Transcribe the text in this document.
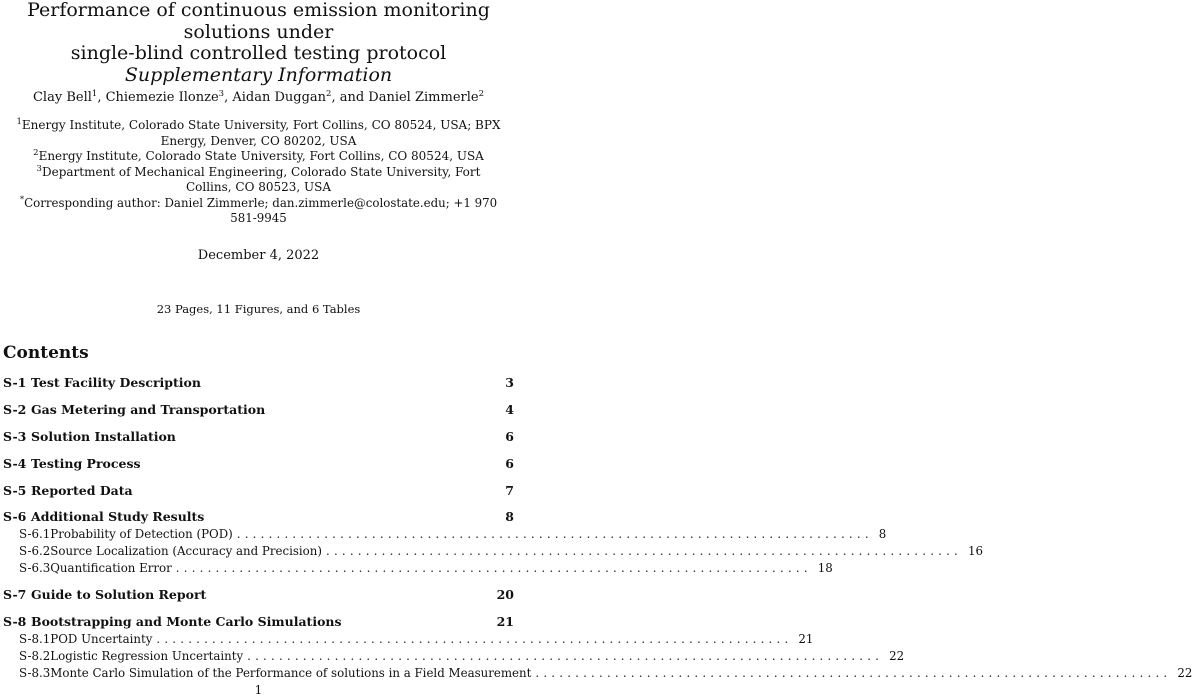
Performance of continuous emission monitoring solutions under
single-blind controlled testing protocol
Supplementary Information
Clay Bell$^1$, Chiemezie Ilonze$^3$, Aidan Duggan$^2$, and Daniel Zimmerle$^2$
$^1$Energy Institute, Colorado State University, Fort Collins, CO 80524, USA; BPX Energy, Denver, CO 80202, USA
$^2$Energy Institute, Colorado State University, Fort Collins, CO 80524, USA
$^3$Department of Mechanical Engineering, Colorado State University, Fort Collins, CO 80523, USA
*Corresponding author: Daniel Zimmerle; dan.zimmerle@colostate.edu; +1 970 581-9945
December 4, 2022
23 Pages, 11 Figures, and 6 Tables
Contents
S-1 Test Facility Description	3
S-2 Gas Metering and Transportation	4
S-3 Solution Installation	6
S-4 Testing Process	6
S-5 Reported Data	7
S-6 Additional Study Results	8
S-6.1 Probability of Detection (POD) ................................................................................ 8
S-6.2 Source Localization (Accuracy and Precision) ................................................................................ 16
S-6.3 Quantification Error ................................................................................ 18
S-7 Guide to Solution Report	20
S-8 Bootstrapping and Monte Carlo Simulations	21
S-8.1 POD Uncertainty ................................................................................ 21
S-8.2 Logistic Regression Uncertainty ................................................................................ 22
S-8.3 Monte Carlo Simulation of the Performance of solutions in a Field Measurement ................................................................................ 22
1
